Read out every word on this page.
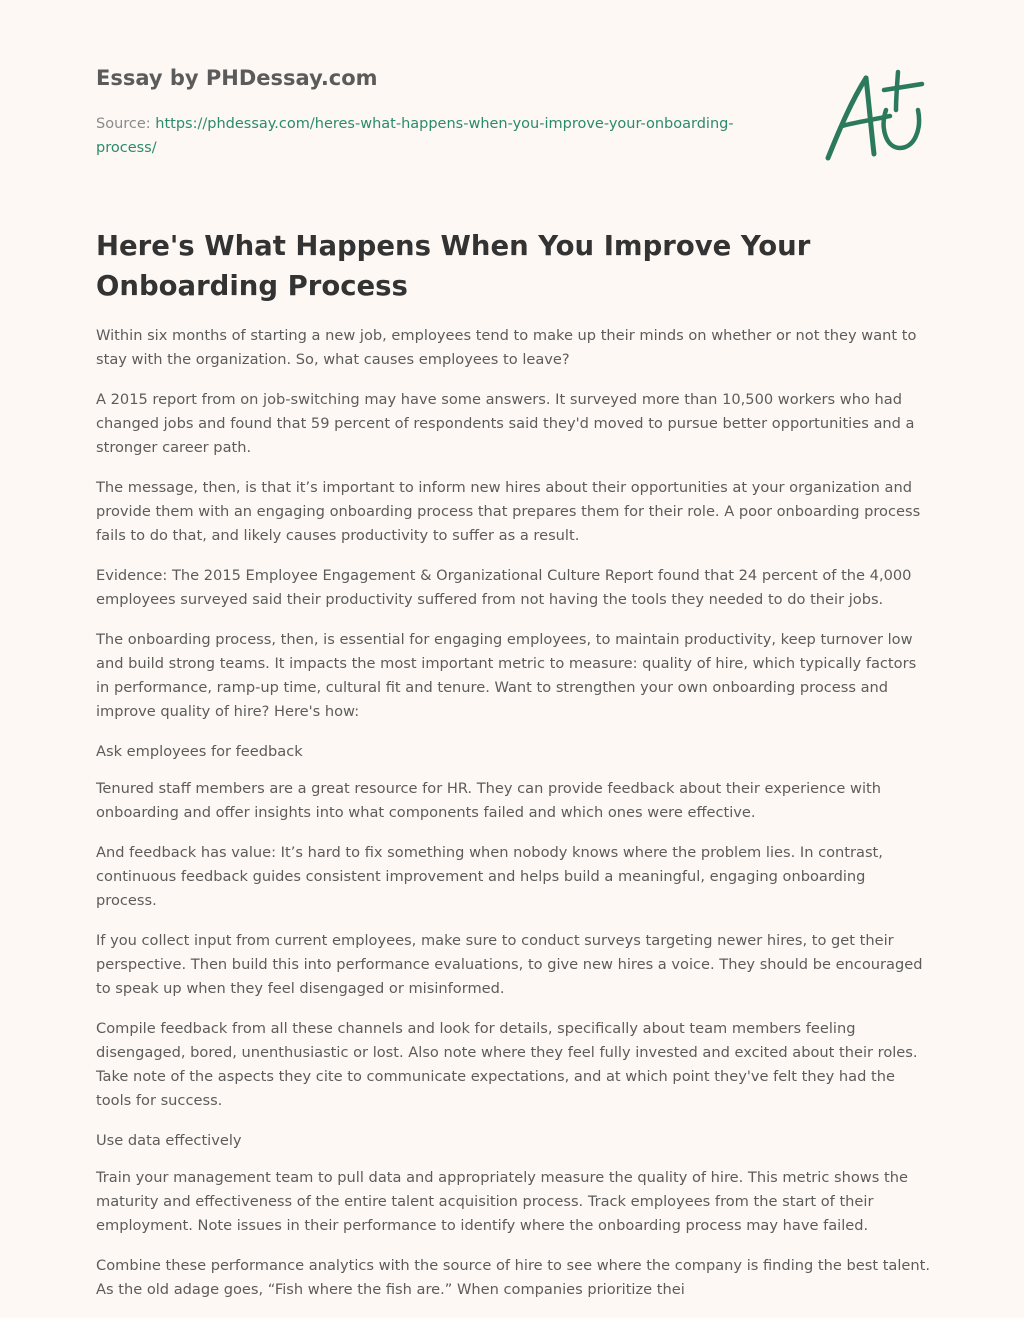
Essay by PHDessay.com
Source: https://phdessay.com/heres-what-happens-when-you-improve-your-onboarding-
process/
Here's What Happens When You Improve Your
Onboarding Process

Within six months of starting a new job, employees tend to make up their minds on whether or not they want to stay with the organization. So, what causes employees to leave?

A 2015 report from on job-switching may have some answers. It surveyed more than 10,500 workers who had changed jobs and found that 59 percent of respondents said they'd moved to pursue better opportunities and a stronger career path.

The message, then, is that it’s important to inform new hires about their opportunities at your organization and provide them with an engaging onboarding process that prepares them for their role. A poor onboarding process fails to do that, and likely causes productivity to suffer as a result.

Evidence: The 2015 Employee Engagement & Organizational Culture Report found that 24 percent of the 4,000 employees surveyed said their productivity suffered from not having the tools they needed to do their jobs.

The onboarding process, then, is essential for engaging employees, to maintain productivity, keep turnover low and build strong teams. It impacts the most important metric to measure: quality of hire, which typically factors in performance, ramp-up time, cultural fit and tenure. Want to strengthen your own onboarding process and improve quality of hire? Here's how:

Ask employees for feedback

Tenured staff members are a great resource for HR. They can provide feedback about their experience with onboarding and offer insights into what components failed and which ones were effective.

And feedback has value: It’s hard to fix something when nobody knows where the problem lies. In contrast, continuous feedback guides consistent improvement and helps build a meaningful, engaging onboarding process.

If you collect input from current employees, make sure to conduct surveys targeting newer hires, to get their perspective. Then build this into performance evaluations, to give new hires a voice. They should be encouraged to speak up when they feel disengaged or misinformed.

Compile feedback from all these channels and look for details, specifically about team members feeling disengaged, bored, unenthusiastic or lost. Also note where they feel fully invested and excited about their roles. Take note of the aspects they cite to communicate expectations, and at which point they've felt they had the tools for success.

Use data effectively

Train your management team to pull data and appropriately measure the quality of hire. This metric shows the maturity and effectiveness of the entire talent acquisition process. Track employees from the start of their employment. Note issues in their performance to identify where the onboarding process may have failed.

Combine these performance analytics with the source of hire to see where the company is finding the best talent. As the old adage goes, “Fish where the fish are.” When companies prioritize thei
